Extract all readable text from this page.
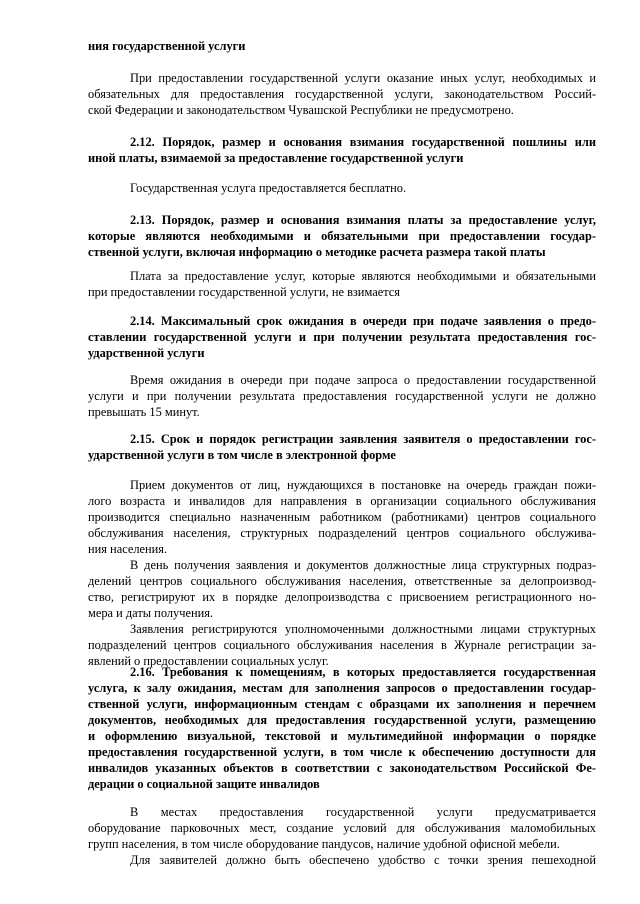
ния государственной услуги
При предоставлении государственной услуги оказание иных услуг, необходимых и
обязательных для предоставления государственной услуги, законодательством Россий-
ской Федерации и законодательством Чувашской Республики не предусмотрено.
2.12. Порядок, размер и основания взимания государственной пошлины или
иной платы, взимаемой за предоставление государственной услуги
Государственная услуга предоставляется бесплатно.
2.13. Порядок, размер и основания взимания платы за предоставление услуг,
которые являются необходимыми и обязательными при предоставлении государ-
ственной услуги, включая информацию о методике расчета размера такой платы
Плата за предоставление услуг, которые являются необходимыми и обязательными
при предоставлении государственной услуги, не взимается
2.14. Максимальный срок ожидания в очереди при подаче заявления о предо-
ставлении государственной услуги и при получении результата предоставления гос-
ударственной услуги
Время ожидания в очереди при подаче запроса о предоставлении государственной
услуги и при получении результата предоставления государственной услуги не должно
превышать 15 минут.
2.15. Срок и порядок регистрации заявления заявителя о предоставлении гос-
ударственной услуги в том числе в электронной форме
Прием документов от лиц, нуждающихся в постановке на очередь граждан пожи-
лого возраста и инвалидов для направления в организации социального обслуживания
производится специально назначенным работником (работниками) центров социального
обслуживания населения, структурных подразделений центров социального обслужива-
ния населения.
В день получения заявления и документов должностные лица структурных подраз-
делений центров социального обслуживания населения, ответственные за делопроизвод-
ство, регистрируют их в порядке делопроизводства с присвоением регистрационного но-
мера и даты получения.
Заявления регистрируются уполномоченными должностными лицами структурных
подразделений центров социального обслуживания населения в Журнале регистрации за-
явлений о предоставлении социальных услуг.
2.16. Требования к помещениям, в которых предоставляется государственная
услуга, к залу ожидания, местам для заполнения запросов о предоставлении государ-
ственной услуги, информационным стендам с образцами их заполнения и перечнем
документов, необходимых для предоставления государственной услуги, размещению
и оформлению визуальной, текстовой и мультимедийной информации о порядке
предоставления государственной услуги, в том числе к обеспечению доступности для
инвалидов указанных объектов в соответствии с законодательством Российской Фе-
дерации о социальной защите инвалидов
В местах предоставления государственной услуги предусматривается
оборудование парковочных мест, создание условий для обслуживания маломобильных
групп населения, в том числе оборудование пандусов, наличие удобной офисной мебели.
Для заявителей должно быть обеспечено удобство с точки зрения пешеходной
